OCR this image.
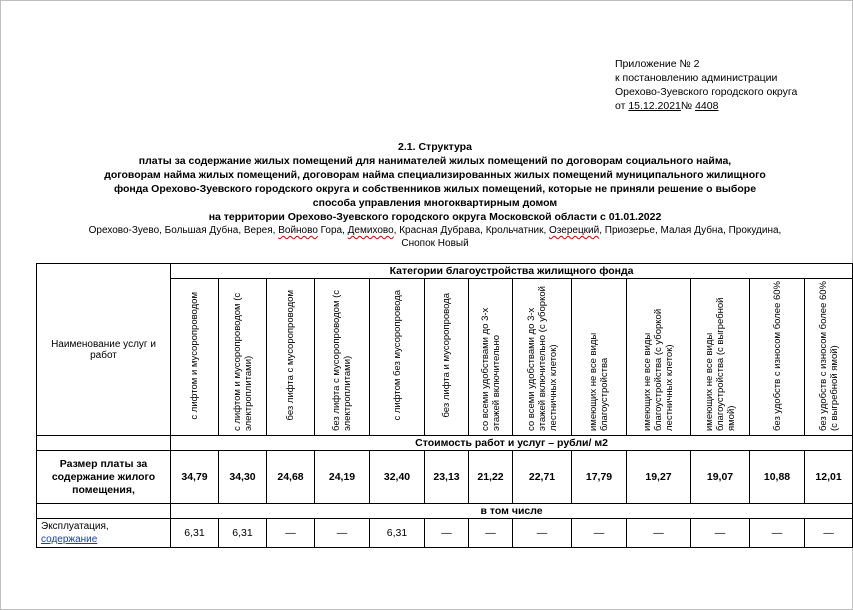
Приложение № 2
к постановлению администрации
Орехово-Зуевского городского округа
от 15.12.2021№ 4408
2.1. Структура
платы за содержание жилых помещений для нанимателей жилых помещений по договорам социального найма,
договорам найма жилых помещений, договорам найма специализированных жилых помещений муниципального жилищного
фонда Орехово-Зуевского городского округа и собственников жилых помещений, которые не приняли решение о выборе
способа управления многоквартирным домом
на территории Орехово-Зуевского городского округа Московской области с 01.01.2022
Орехово-Зуево, Большая Дубна, Верея, Войново Гора, Демихово, Красная Дубрава, Крольчатник, Озерецкий, Приозерье, Малая Дубна, Прокудина,
Снопок Новый
Наименование услуг и работ	Категории благоустройства жилищного фонда												
	с лифтом и мусоропроводом	с лифтом и мусоропроводом (с электроплитами)	без лифта с мусоропроводом	без лифта с мусоропроводом (с электроплитами)	с лифтом без мусоропровода	без лифта и мусоропровода	со всеми удобствами до 3-х этажей включительно	со всеми удобствами до 3-х этажей включительно (с уборкой лестничных клеток)	имеющих не все виды благоустройства	имеющих не все виды благоустройства (с уборкой лестничных клеток)	имеющих не все виды благоустройства (с выгребной ямой)	без удобств с износом более 60%	без удобств с износом более 60% (с выгребной ямой)
	Стоимость работ и услуг – рубли/ м2												
Размер платы за содержание жилого помещения,	34,79	34,30	24,68	24,19	32,40	23,13	21,22	22,71	17,79	19,27	19,07	10,88	12,01
	в том числе												

Эксплуатация,
содержание	6,31	6,31	—	—	6,31	—	—	—	—	—	—	—	—
